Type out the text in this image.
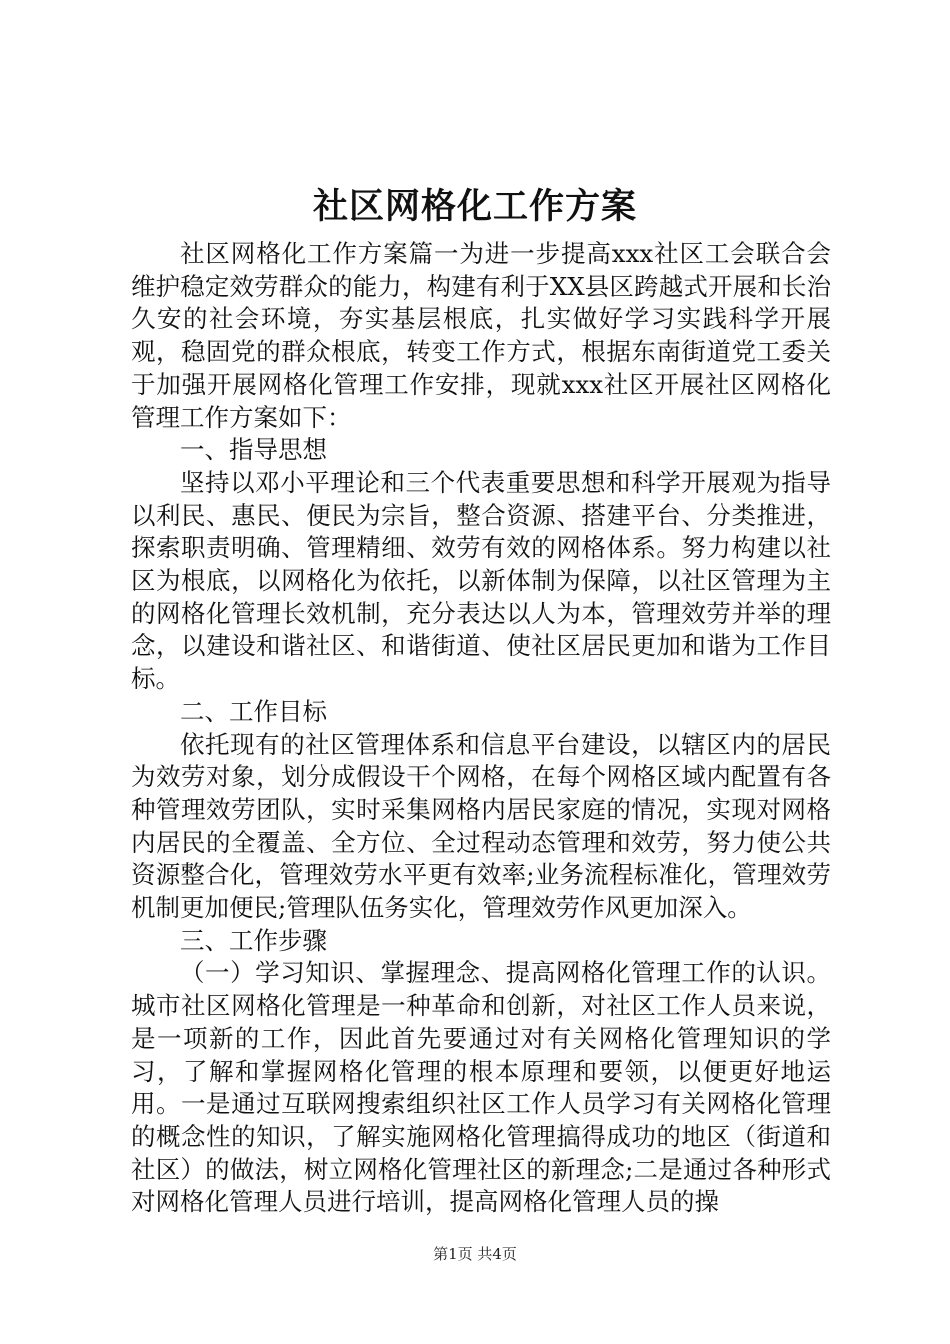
社区网格化工作方案

社区网格化工作方案篇一为进一步提高xxx社区工会联合会维护稳定效劳群众的能力，构建有利于XX县区跨越式开展和长治久安的社会环境，夯实基层根底，扎实做好学习实践科学开展观，稳固党的群众根底，转变工作方式，根据东南街道党工委关于加强开展网格化管理工作安排，现就xxx社区开展社区网格化管理工作方案如下：

一、指导思想

坚持以邓小平理论和三个代表重要思想和科学开展观为指导以利民、惠民、便民为宗旨，整合资源、搭建平台、分类推进，探索职责明确、管理精细、效劳有效的网格体系。努力构建以社区为根底，以网格化为依托，以新体制为保障，以社区管理为主的网格化管理长效机制，充分表达以人为本，管理效劳并举的理念，以建设和谐社区、和谐街道、使社区居民更加和谐为工作目标。

二、工作目标

依托现有的社区管理体系和信息平台建设，以辖区内的居民为效劳对象，划分成假设干个网格，在每个网格区域内配置有各种管理效劳团队，实时采集网格内居民家庭的情况，实现对网格内居民的全覆盖、全方位、全过程动态管理和效劳，努力使公共资源整合化，管理效劳水平更有效率;业务流程标准化，管理效劳机制更加便民;管理队伍务实化，管理效劳作风更加深入。

三、工作步骤

（一）学习知识、掌握理念、提高网格化管理工作的认识。城市社区网格化管理是一种革命和创新，对社区工作人员来说，是一项新的工作，因此首先要通过对有关网格化管理知识的学习，了解和掌握网格化管理的根本原理和要领，以便更好地运用。一是通过互联网搜索组织社区工作人员学习有关网格化管理的概念性的知识，了解实施网格化管理搞得成功的地区（街道和社区）的做法，树立网格化管理社区的新理念;二是通过各种形式对网格化管理人员进行培训，提高网格化管理人员的操

第1页 共4页
